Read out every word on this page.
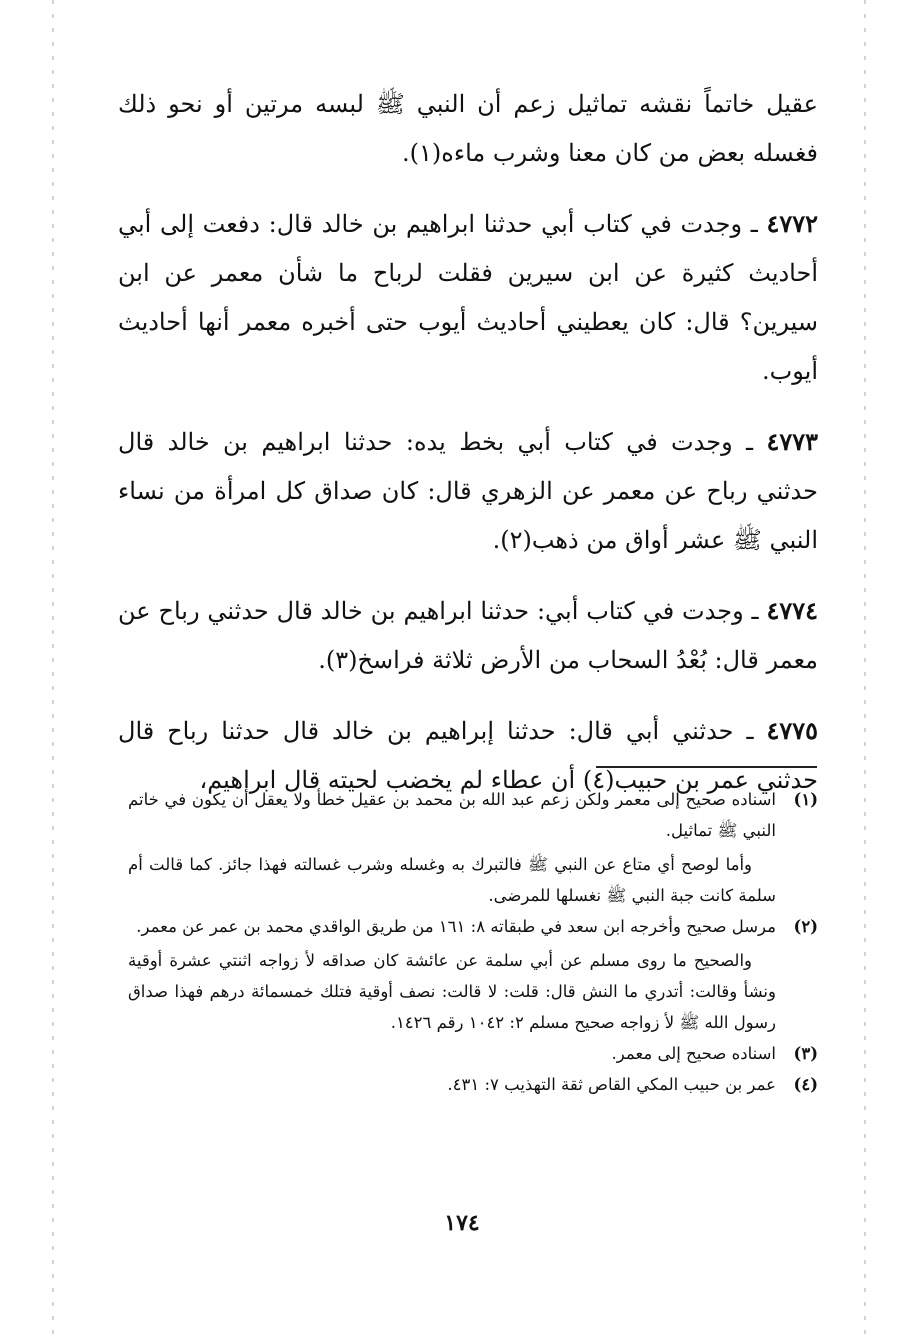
عقيل خاتماً نقشه تماثيل زعم أن النبي ﷺ لبسه مرتين أو نحو ذلك فغسله بعض من كان معنا وشرب ماءه(١).

٤٧٧٢ ـ وجدت في كتاب أبي حدثنا ابراهيم بن خالد قال: دفعت إلى أبي أحاديث كثيرة عن ابن سيرين فقلت لرباح ما شأن معمر عن ابن سيرين؟ قال: كان يعطيني أحاديث أيوب حتى أخبره معمر أنها أحاديث أيوب.

٤٧٧٣ ـ وجدت في كتاب أبي بخط يده: حدثنا ابراهيم بن خالد قال حدثني رباح عن معمر عن الزهري قال: كان صداق كل امرأة من نساء النبي ﷺ عشر أواق من ذهب(٢).

٤٧٧٤ ـ وجدت في كتاب أبي: حدثنا ابراهيم بن خالد قال حدثني رباح عن معمر قال: بُعْدُ السحاب من الأرض ثلاثة فراسخ(٣).

٤٧٧٥ ـ حدثني أبي قال: حدثنا إبراهيم بن خالد قال حدثنا رباح قال حدثني عمر بن حبيب(٤) أن عطاء لم يخضب لحيته قال ابراهيم،

(١)

اسناده صحيح إلى معمر ولكن زعم عبد الله بن محمد بن عقيل خطأ ولا يعقل أن يكون في خاتم النبي ﷺ تماثيل.

وأما لوصح أي متاع عن النبي ﷺ فالتبرك به وغسله وشرب غسالته فهذا جائز. كما قالت أم سلمة كانت جبة النبي ﷺ نغسلها للمرضى.

(٢)

مرسل صحيح وأخرجه ابن سعد في طبقاته ٨: ١٦١ من طريق الواقدي محمد بن عمر عن معمر.

والصحيح ما روى مسلم عن أبي سلمة عن عائشة كان صداقه لأ زواجه اثنتي عشرة أوقية ونشأ وقالت: أتدري ما النش قال: قلت: لا قالت: نصف أوقية فتلك خمسمائة درهم فهذا صداق رسول الله ﷺ لأ زواجه صحيح مسلم ٢: ١٠٤٢ رقم ١٤٢٦.

(٣)

اسناده صحيح إلى معمر.

(٤)

عمر بن حبيب المكي القاص ثقة التهذيب ٧: ٤٣١.

١٧٤
